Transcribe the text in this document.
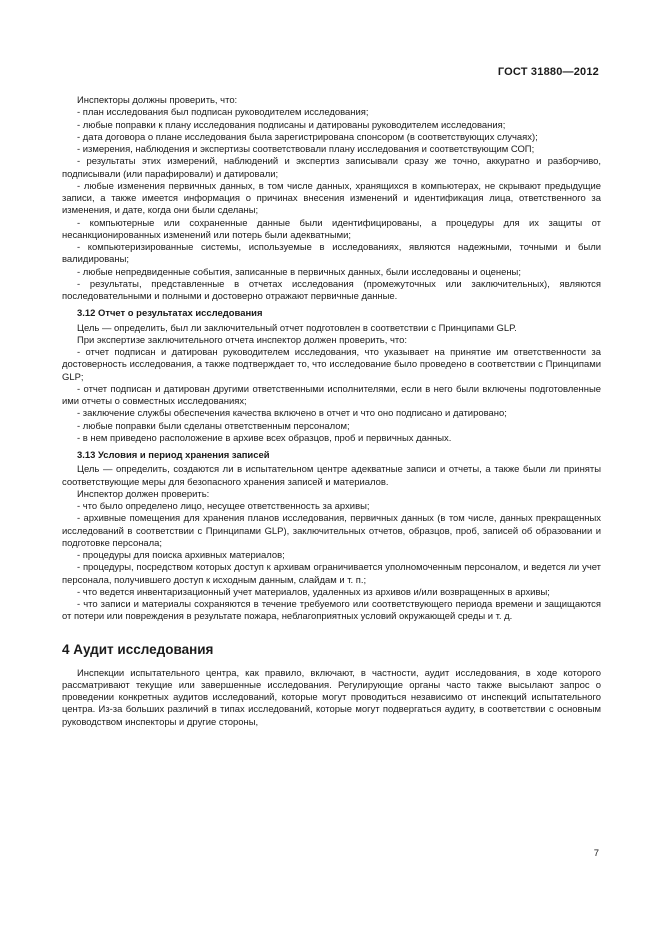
ГОСТ 31880—2012

Инспекторы должны проверить, что:

- план исследования был подписан руководителем исследования;

- любые поправки к плану исследования подписаны и датированы руководителем исследования;

- дата договора о плане исследования была зарегистрирована спонсором (в соответствующих случаях);

- измерения, наблюдения и экспертизы соответствовали плану исследования и соответствующим СОП;

- результаты этих измерений, наблюдений и экспертиз записывали сразу же точно, аккуратно и разборчиво, подписывали (или парафировали) и датировали;

- любые изменения первичных данных, в том числе данных, хранящихся в компьютерах, не скрывают предыдущие записи, а также имеется информация о причинах внесения изменений и идентификация лица, ответственного за изменения, и дате, когда они были сделаны;

- компьютерные или сохраненные данные были идентифицированы, а процедуры для их защиты от несанкционированных изменений или потерь были адекватными;

- компьютеризированные системы, используемые в исследованиях, являются надежными, точными и были валидированы;

- любые непредвиденные события, записанные в первичных данных, были исследованы и оценены;

- результаты, представленные в отчетах исследования (промежуточных или заключительных), являются последовательными и полными и достоверно отражают первичные данные.

3.12 Отчет о результатах исследования

Цель — определить, был ли заключительный отчет подготовлен в соответствии с Принципами GLP.

При экспертизе заключительного отчета инспектор должен проверить, что:

- отчет подписан и датирован руководителем исследования, что указывает на принятие им ответственности за достоверность исследования, а также подтверждает то, что исследование было проведено в соответствии с Принципами GLP;

- отчет подписан и датирован другими ответственными исполнителями, если в него были включены подготовленные ими отчеты о совместных исследованиях;

- заключение службы обеспечения качества включено в отчет и что оно подписано и датировано;

- любые поправки были сделаны ответственным персоналом;

- в нем приведено расположение в архиве всех образцов, проб и первичных данных.

3.13 Условия и период хранения записей

Цель — определить, создаются ли в испытательном центре адекватные записи и отчеты, а также были ли приняты соответствующие меры для безопасного хранения записей и материалов.

Инспектор должен проверить:

- что было определено лицо, несущее ответственность за архивы;

- архивные помещения для хранения планов исследования, первичных данных (в том числе, данных прекращенных исследований в соответствии с Принципами GLP), заключительных отчетов, образцов, проб, записей об образовании и подготовке персонала;

- процедуры для поиска архивных материалов;

- процедуры, посредством которых доступ к архивам ограничивается уполномоченным персоналом, и ведется ли учет персонала, получившего доступ к исходным данным, слайдам и т. п.;

- что ведется инвентаризационный учет материалов, удаленных из архивов и/или возвращенных в архивы;

- что записи и материалы сохраняются в течение требуемого или соответствующего периода времени и защищаются от потери или повреждения в результате пожара, неблагоприятных условий окружающей среды и т. д.

4 Аудит исследования

Инспекции испытательного центра, как правило, включают, в частности, аудит исследования, в ходе которого рассматривают текущие или завершенные исследования. Регулирующие органы часто также высылают запрос о проведении конкретных аудитов исследований, которые могут проводиться независимо от инспекций испытательного центра. Из-за больших различий в типах исследований, которые могут подвергаться аудиту, в соответствии с основным руководством инспекторы и другие стороны,

7
